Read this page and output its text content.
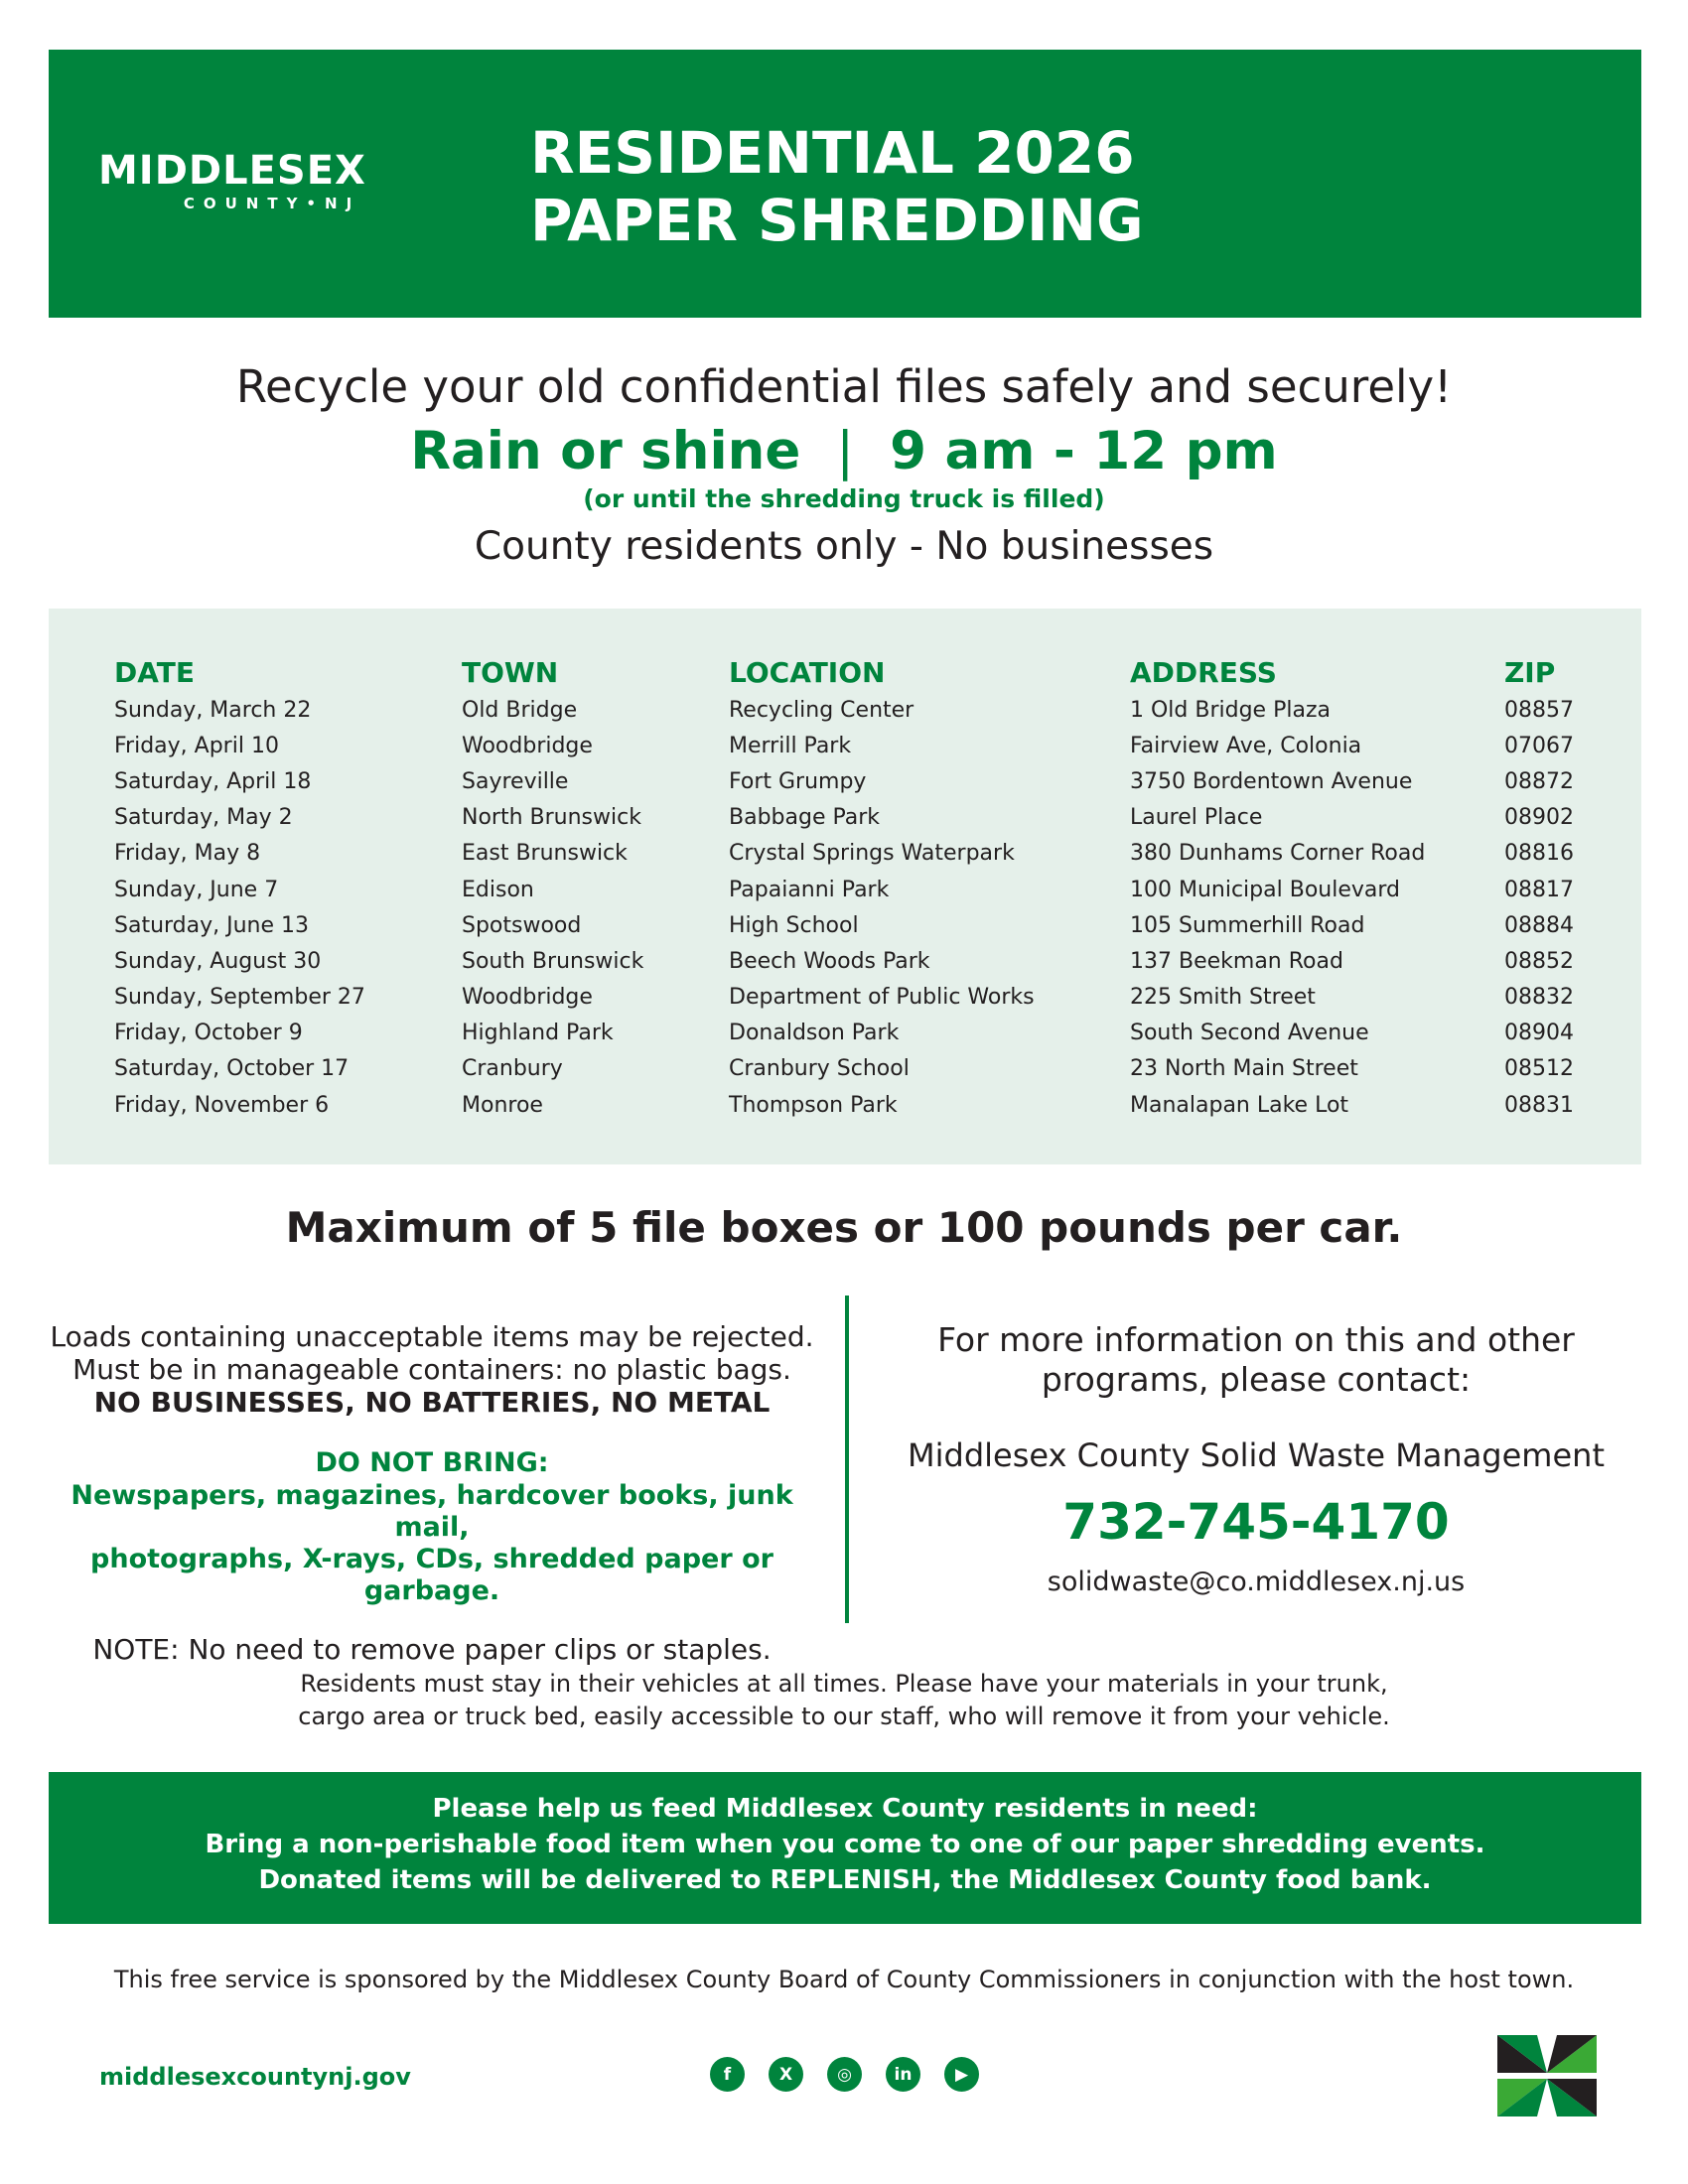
MIDDLESEX
COUNTY•NJ
RESIDENTIAL 2026
PAPER SHREDDING
Recycle your old confidential files safely and securely!
Rain or shine | 9 am - 12 pm
(or until the shredding truck is filled)
County residents only - No businesses
DATE	TOWN	LOCATION	ADDRESS	ZIP
Sunday, March 22	Old Bridge	Recycling Center	1 Old Bridge Plaza	08857
Friday, April 10	Woodbridge	Merrill Park	Fairview Ave, Colonia	07067
Saturday, April 18	Sayreville	Fort Grumpy	3750 Bordentown Avenue	08872
Saturday, May 2	North Brunswick	Babbage Park	Laurel Place	08902
Friday, May 8	East Brunswick	Crystal Springs Waterpark	380 Dunhams Corner Road	08816
Sunday, June 7	Edison	Papaianni Park	100 Municipal Boulevard	08817
Saturday, June 13	Spotswood	High School	105 Summerhill Road	08884
Sunday, August 30	South Brunswick	Beech Woods Park	137 Beekman Road	08852
Sunday, September 27	Woodbridge	Department of Public Works	225 Smith Street	08832
Friday, October 9	Highland Park	Donaldson Park	South Second Avenue	08904
Saturday, October 17	Cranbury	Cranbury School	23 North Main Street	08512
Friday, November 6	Monroe	Thompson Park	Manalapan Lake Lot	08831
Maximum of 5 file boxes or 100 pounds per car.
Loads containing unacceptable items may be rejected.
Must be in manageable containers: no plastic bags.
NO BUSINESSES, NO BATTERIES, NO METAL
DO NOT BRING:
Newspapers, magazines, hardcover books, junk mail,
photographs, X-rays, CDs, shredded paper or garbage.
NOTE: No need to remove paper clips or staples.
For more information on this and other
programs, please contact:
Middlesex County Solid Waste Management
732-745-4170
solidwaste@co.middlesex.nj.us
Residents must stay in their vehicles at all times. Please have your materials in your trunk,
cargo area or truck bed, easily accessible to our staff, who will remove it from your vehicle.
Please help us feed Middlesex County residents in need:
Bring a non-perishable food item when you come to one of our paper shredding events.
Donated items will be delivered to REPLENISH, the Middlesex County food bank.
This free service is sponsored by the Middlesex County Board of County Commissioners in conjunction with the host town.
middlesexcountynj.gov	f	X	◎	in	▶
